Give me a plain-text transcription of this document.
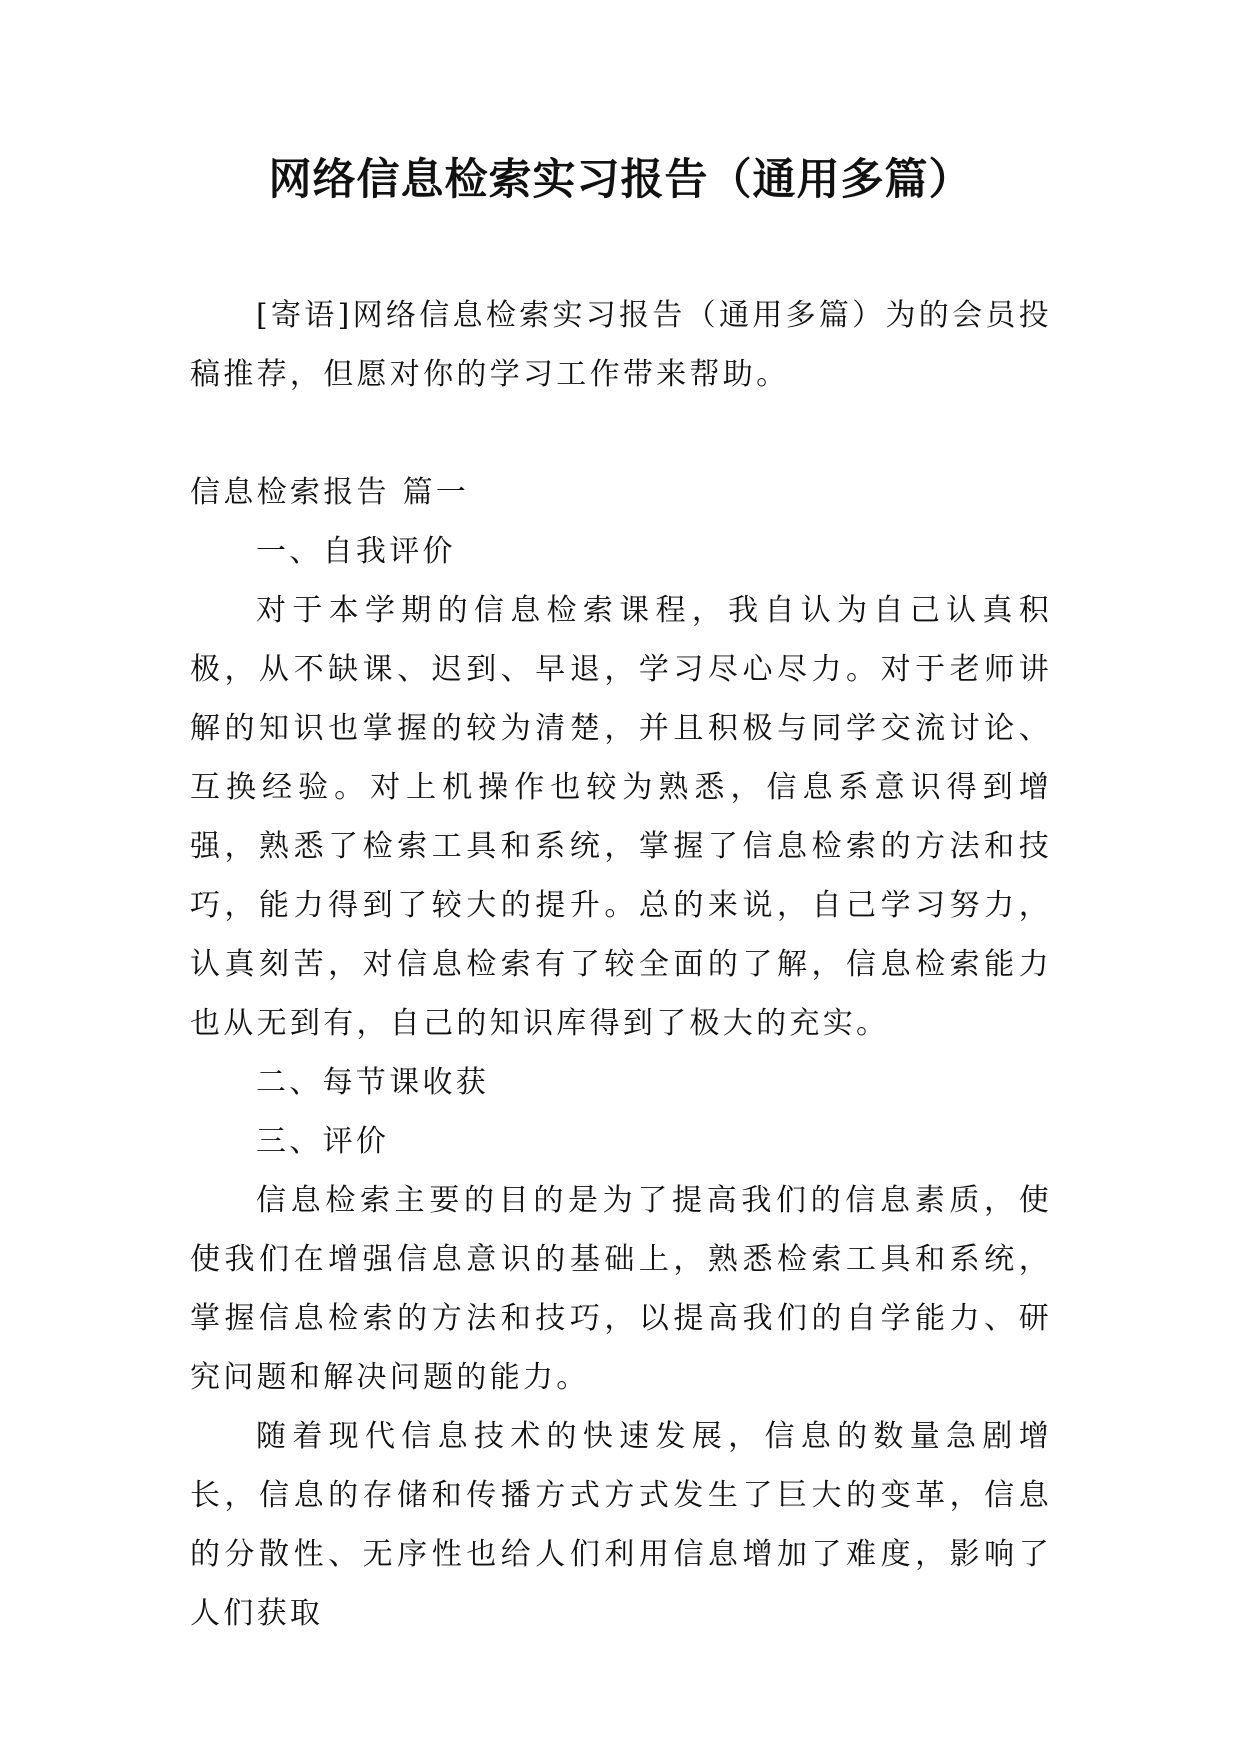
网络信息检索实习报告（通用多篇）

[寄语]网络信息检索实习报告（通用多篇）为的会员投稿推荐，但愿对你的学习工作带来帮助。

信息检索报告 篇一

一、自我评价

对于本学期的信息检索课程，我自认为自己认真积极，从不缺课、迟到、早退，学习尽心尽力。对于老师讲解的知识也掌握的较为清楚，并且积极与同学交流讨论、互换经验。对上机操作也较为熟悉，信息系意识得到增强，熟悉了检索工具和系统，掌握了信息检索的方法和技巧，能力得到了较大的提升。总的来说，自己学习努力，认真刻苦，对信息检索有了较全面的了解，信息检索能力也从无到有，自己的知识库得到了极大的充实。

二、每节课收获

三、评价

信息检索主要的目的是为了提高我们的信息素质，使使我们在增强信息意识的基础上，熟悉检索工具和系统，掌握信息检索的方法和技巧，以提高我们的自学能力、研究问题和解决问题的能力。

随着现代信息技术的快速发展，信息的数量急剧增长，信息的存储和传播方式方式发生了巨大的变革，信息的分散性、无序性也给人们利用信息增加了难度，影响了人们获取
